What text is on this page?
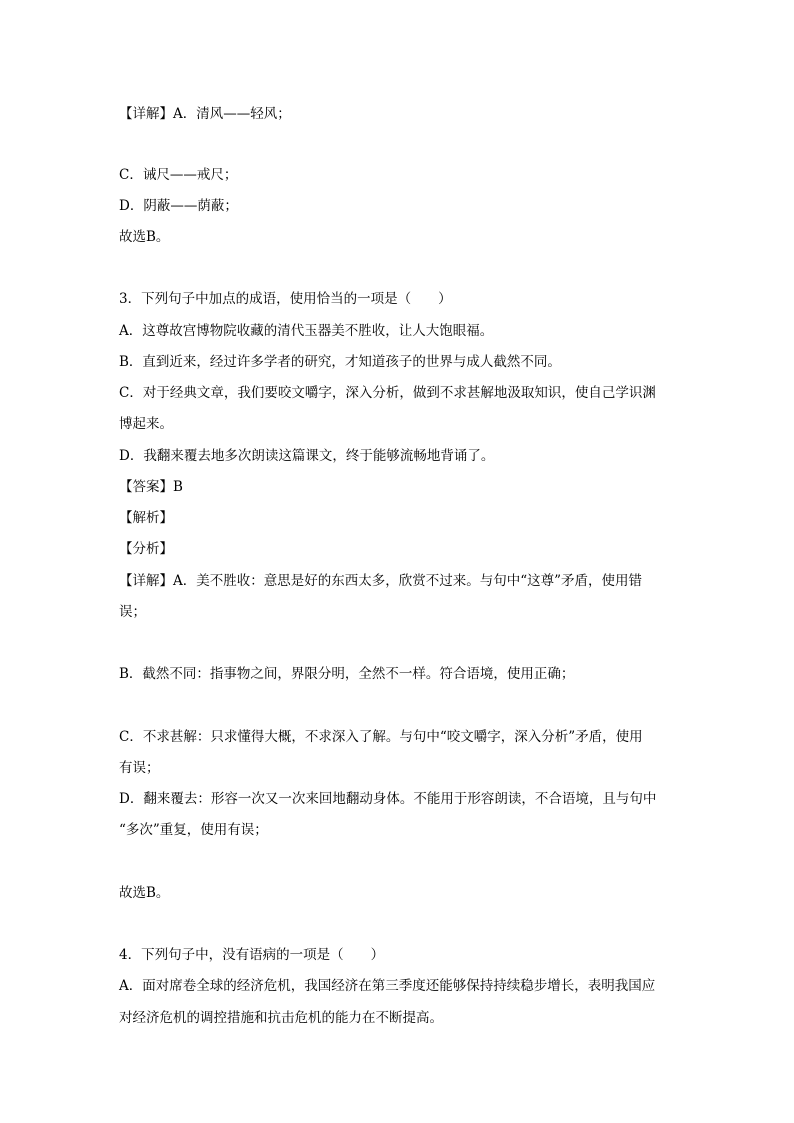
【详解】A．清风——轻风；
C．诫尺——戒尺；
D．阴蔽——荫蔽；
故选B。
3．下列句子中加点的成语，使用恰当的一项是（　　）
A．这尊故宫博物院收藏的清代玉器美不胜收，让人大饱眼福。
B．直到近来，经过许多学者的研究，才知道孩子的世界与成人截然不同。
C．对于经典文章，我们要咬文嚼字，深入分析，做到不求甚解地汲取知识，使自己学识渊
博起来。
D．我翻来覆去地多次朗读这篇课文，终于能够流畅地背诵了。
【答案】B
【解析】
【分析】
【详解】A．美不胜收：意思是好的东西太多，欣赏不过来。与句中“这尊”矛盾，使用错
误；
B．截然不同：指事物之间，界限分明，全然不一样。符合语境，使用正确；
C．不求甚解：只求懂得大概，不求深入了解。与句中“咬文嚼字，深入分析”矛盾，使用
有误；
D．翻来覆去：形容一次又一次来回地翻动身体。不能用于形容朗读，不合语境，且与句中
“多次”重复，使用有误；
故选B。
4．下列句子中，没有语病的一项是（　　）
A．面对席卷全球的经济危机，我国经济在第三季度还能够保持持续稳步增长，表明我国应
对经济危机的调控措施和抗击危机的能力在不断提高。
